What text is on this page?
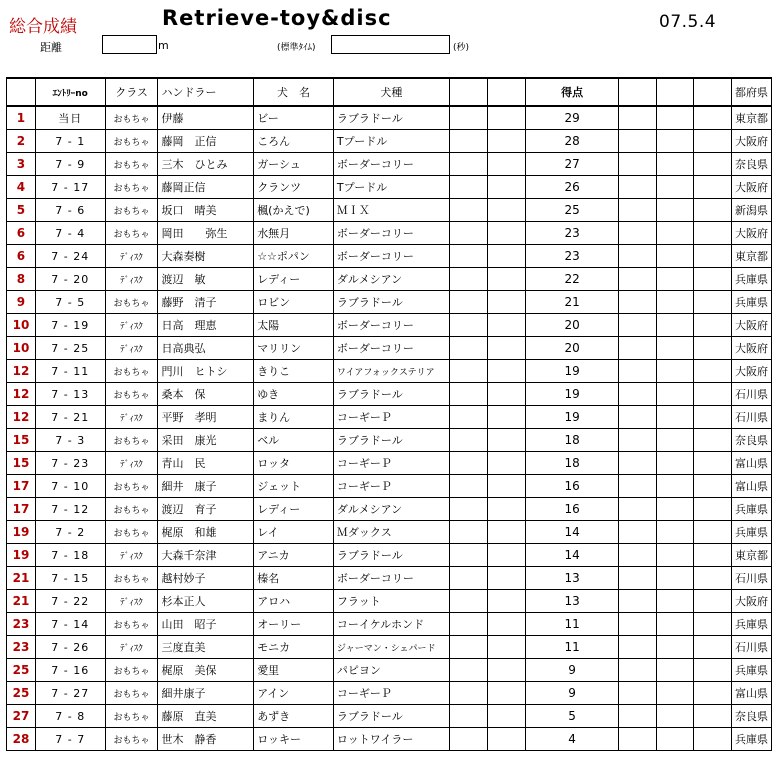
総合成績	Retrieve-toy&disc	07.5.4
距離	m	(標準ﾀｲﾑ)	(秒)
	ｴﾝﾄﾘｰno	クラス	ハンドラー	犬　名	犬種			得点				都府県
1	当日	おもちゃ	伊藤	ビー	ラブラドール			29				東京都
2	7 - 1	おもちゃ	藤岡　正信	ころん	Tプードル			28				大阪府
3	7 - 9	おもちゃ	三木　ひとみ	ガーシュ	ボーダーコリー			27				奈良県
4	7 - 17	おもちゃ	藤岡正信	クランツ	Tプードル			26				大阪府
5	7 - 6	おもちゃ	坂口　晴美	楓(かえで)	ＭＩＸ			25				新潟県
6	7 - 4	おもちゃ	岡田　　弥生	水無月	ボーダーコリー			23				大阪府
6	7 - 24	ﾃﾞｨｽｸ	大森奏樹	☆☆ポパン	ボーダーコリー			23				東京都
8	7 - 20	ﾃﾞｨｽｸ	渡辺　敏	レディー	ダルメシアン			22				兵庫県
9	7 - 5	おもちゃ	藤野　清子	ロビン	ラブラドール			21				兵庫県
10	7 - 19	ﾃﾞｨｽｸ	日高　理恵	太陽	ボーダーコリー			20				大阪府
10	7 - 25	ﾃﾞｨｽｸ	日高典弘	マリリン	ボーダーコリー			20				大阪府
12	7 - 11	おもちゃ	門川　ヒトシ	きりこ	ワイアフォックステリア			19				大阪府
12	7 - 13	おもちゃ	桑本　保	ゆき	ラブラドール			19				石川県
12	7 - 21	ﾃﾞｨｽｸ	平野　孝明	まりん	コーギーＰ			19				石川県
15	7 - 3	おもちゃ	采田　康光	ベル	ラブラドール			18				奈良県
15	7 - 23	ﾃﾞｨｽｸ	青山　民	ロッタ	コーギーＰ			18				富山県
17	7 - 10	おもちゃ	細井　康子	ジェット	コーギーＰ			16				富山県
17	7 - 12	おもちゃ	渡辺　育子	レディー	ダルメシアン			16				兵庫県
19	7 - 2	おもちゃ	梶原　和雄	レイ	Ｍダックス			14				兵庫県
19	7 - 18	ﾃﾞｨｽｸ	大森千奈津	アニカ	ラブラドール			14				東京都
21	7 - 15	おもちゃ	越村妙子	榛名	ボーダーコリー			13				石川県
21	7 - 22	ﾃﾞｨｽｸ	杉本正人	アロハ	フラット			13				大阪府
23	7 - 14	おもちゃ	山田　昭子	オーリー	コーイケルホンド			11				兵庫県
23	7 - 26	ﾃﾞｨｽｸ	三度直美	モニカ	ジャーマン・シェパード			11				石川県
25	7 - 16	おもちゃ	梶原　美保	愛里	パピヨン			9				兵庫県
25	7 - 27	おもちゃ	細井康子	アイン	コーギーＰ			9				富山県
27	7 - 8	おもちゃ	藤原　直美	あずき	ラブラドール			5				奈良県
28	7 - 7	おもちゃ	世木　静香	ロッキー	ロットワイラー			4				兵庫県
